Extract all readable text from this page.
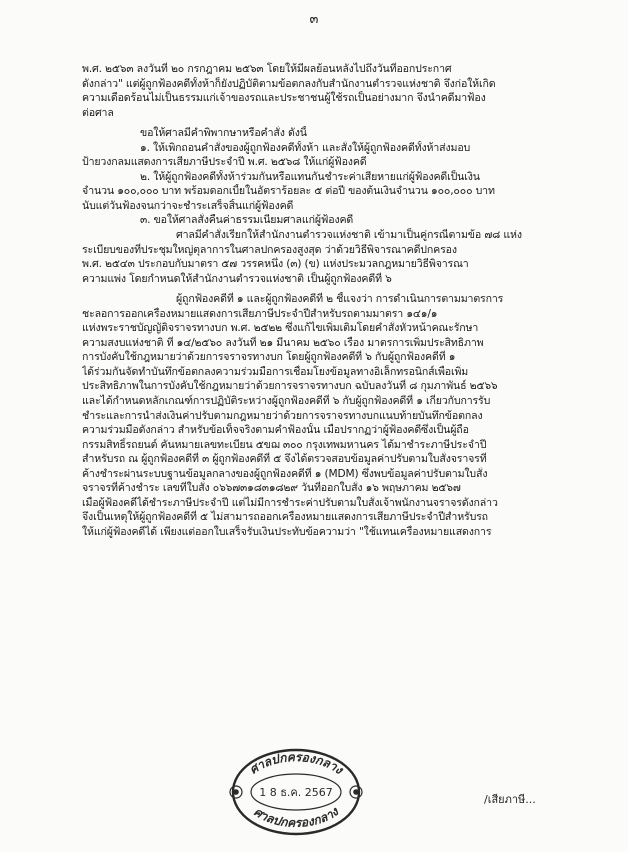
๓

พ.ศ. ๒๕๖๓ ลงวันที่ ๒๐ กรกฎาคม ๒๕๖๓ โดยให้มีผลย้อนหลังไปถึงวันที่ออกประกาศ

ดังกล่าว" แต่ผู้ถูกฟ้องคดีทั้งห้าก็ยังปฏิบัติตามข้อตกลงกับสำนักงานตำรวจแห่งชาติ จึงก่อให้เกิด

ความเดือดร้อนไม่เป็นธรรมแก่เจ้าของรถและประชาชนผู้ใช้รถเป็นอย่างมาก จึงนำคดีมาฟ้อง

ต่อศาล

ขอให้ศาลมีคำพิพากษาหรือคำสั่ง ดังนี้

๑. ให้เพิกถอนคำสั่งของผู้ถูกฟ้องคดีทั้งห้า และสั่งให้ผู้ถูกฟ้องคดีทั้งห้าส่งมอบ

ป้ายวงกลมแสดงการเสียภาษีประจำปี พ.ศ. ๒๕๖๘ ให้แก่ผู้ฟ้องคดี

๒. ให้ผู้ถูกฟ้องคดีทั้งห้าร่วมกันหรือแทนกันชำระค่าเสียหายแก่ผู้ฟ้องคดีเป็นเงิน

จำนวน ๑๐๐,๐๐๐ บาท พร้อมดอกเบี้ยในอัตราร้อยละ ๕ ต่อปี ของต้นเงินจำนวน ๑๐๐,๐๐๐ บาท

นับแต่วันฟ้องจนกว่าจะชำระเสร็จสิ้นแก่ผู้ฟ้องคดี

๓. ขอให้ศาลสั่งคืนค่าธรรมเนียมศาลแก่ผู้ฟ้องคดี

ศาลมีคำสั่งเรียกให้สำนักงานตำรวจแห่งชาติ เข้ามาเป็นคู่กรณีตามข้อ ๗๘ แห่ง

ระเบียบของที่ประชุมใหญ่ตุลาการในศาลปกครองสูงสุด ว่าด้วยวิธีพิจารณาคดีปกครอง

พ.ศ. ๒๕๔๓ ประกอบกับมาตรา ๕๗ วรรคหนึ่ง (๓) (ข) แห่งประมวลกฎหมายวิธีพิจารณา

ความแพ่ง โดยกำหนดให้สำนักงานตำรวจแห่งชาติ เป็นผู้ถูกฟ้องคดีที่ ๖

ผู้ถูกฟ้องคดีที่ ๑ และผู้ถูกฟ้องคดีที่ ๒ ชี้แจงว่า การดำเนินการตามมาตรการ

ชะลอการออกเครื่องหมายแสดงการเสียภาษีประจำปีสำหรับรถตามมาตรา ๑๔๑/๑

แห่งพระราชบัญญัติจราจรทางบก พ.ศ. ๒๕๒๒ ซึ่งแก้ไขเพิ่มเติมโดยคำสั่งหัวหน้าคณะรักษา

ความสงบแห่งชาติ ที่ ๑๔/๒๕๖๐ ลงวันที่ ๒๑ มีนาคม ๒๕๖๐ เรื่อง มาตรการเพิ่มประสิทธิภาพ

การบังคับใช้กฎหมายว่าด้วยการจราจรทางบก โดยผู้ถูกฟ้องคดีที่ ๖ กับผู้ถูกฟ้องคดีที่ ๑

ได้ร่วมกันจัดทำบันทึกข้อตกลงความร่วมมือการเชื่อมโยงข้อมูลทางอิเล็กทรอนิกส์เพื่อเพิ่ม

ประสิทธิภาพในการบังคับใช้กฎหมายว่าด้วยการจราจรทางบก ฉบับลงวันที่ ๘ กุมภาพันธ์ ๒๕๖๖

และได้กำหนดหลักเกณฑ์การปฏิบัติระหว่างผู้ถูกฟ้องคดีที่ ๖ กับผู้ถูกฟ้องคดีที่ ๑ เกี่ยวกับการรับ

ชำระและการนำส่งเงินค่าปรับตามกฎหมายว่าด้วยการจราจรทางบกแนบท้ายบันทึกข้อตกลง

ความร่วมมือดังกล่าว สำหรับข้อเท็จจริงตามคำฟ้องนั้น เมื่อปรากฏว่าผู้ฟ้องคดีซึ่งเป็นผู้ถือ

กรรมสิทธิ์รถยนต์ คันหมายเลขทะเบียน ๕ขฌ ๓๐๐ กรุงเทพมหานคร ได้มาชำระภาษีประจำปี

สำหรับรถ ณ ผู้ถูกฟ้องคดีที่ ๓ ผู้ถูกฟ้องคดีที่ ๕ จึงได้ตรวจสอบข้อมูลค่าปรับตามใบสั่งจราจรที่

ค้างชำระผ่านระบบฐานข้อมูลกลางของผู้ถูกฟ้องคดีที่ ๑ (MDM) ซึ่งพบข้อมูลค่าปรับตามใบสั่ง

จราจรที่ค้างชำระ เลขที่ใบสั่ง ๐๖๖๗๓๑๘๓๑๘๒๙ วันที่ออกใบสั่ง ๑๖ พฤษภาคม ๒๕๖๗

เมื่อผู้ฟ้องคดีได้ชำระภาษีประจำปี แต่ไม่มีการชำระค่าปรับตามใบสั่งเจ้าพนักงานจราจรดังกล่าว

จึงเป็นเหตุให้ผู้ถูกฟ้องคดีที่ ๕ ไม่สามารถออกเครื่องหมายแสดงการเสียภาษีประจำปีสำหรับรถ

ให้แก่ผู้ฟ้องคดีได้ เพียงแต่ออกใบเสร็จรับเงินประทับข้อความว่า "ใช้แทนเครื่องหมายแสดงการ

ศาลปกครองกลาง
1 8 ธ.ค. 2567
ศาลปกครองกลาง
/เสียภาษี...
